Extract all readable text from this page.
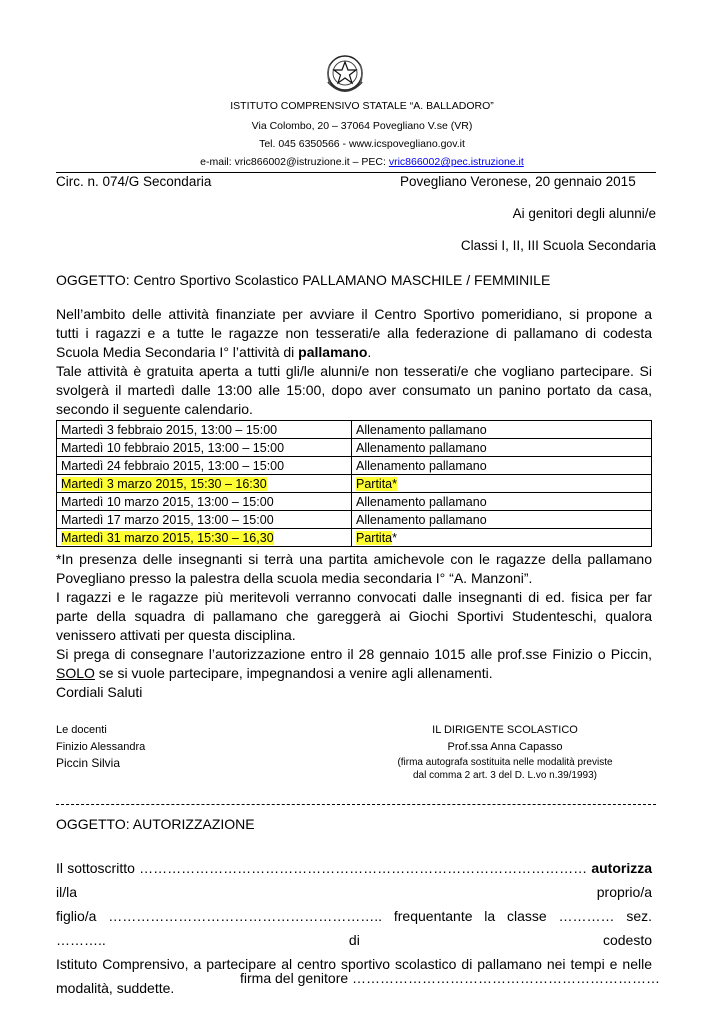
ISTITUTO COMPRENSIVO STATALE “A. BALLADORO”
Via Colombo, 20 – 37064 Povegliano V.se (VR)
Tel. 045 6350566 - www.icspovegliano.gov.it
e-mail: vric866002@istruzione.it – PEC: vric866002@pec.istruzione.it
Circ. n. 074/G Secondaria	Povegliano Veronese, 20 gennaio 2015
Ai genitori degli alunni/e
Classi I, II, III Scuola Secondaria
OGGETTO: Centro Sportivo Scolastico PALLAMANO MASCHILE / FEMMINILE
Nell’ambito delle attività finanziate per avviare il Centro Sportivo pomeridiano, si propone a
tutti i ragazzi e a tutte le ragazze non tesserati/e alla federazione di pallamano di codesta
Scuola Media Secondaria I° l’attività di pallamano.
Tale attività è gratuita aperta a tutti gli/le alunni/e non tesserati/e che vogliano partecipare. Si
svolgerà il martedì dalle 13:00 alle 15:00, dopo aver consumato un panino portato da casa,
secondo il seguente calendario.
Martedì 3 febbraio 2015, 13:00 – 15:00	Allenamento pallamano
Martedì 10 febbraio 2015, 13:00 – 15:00	Allenamento pallamano
Martedì 24 febbraio 2015, 13:00 – 15:00	Allenamento pallamano
Martedì 3 marzo 2015, 15:30 – 16:30	Partita*
Martedì 10 marzo 2015, 13:00 – 15:00	Allenamento pallamano
Martedì 17 marzo 2015, 13:00 – 15:00	Allenamento pallamano
Martedì 31 marzo 2015, 15:30 – 16,30	Partita*
*In presenza delle insegnanti si terrà una partita amichevole con le ragazze della pallamano
Povegliano presso la palestra della scuola media secondaria I° “A. Manzoni”.
I ragazzi e le ragazze più meritevoli verranno convocati dalle insegnanti di ed. fisica per far
parte della squadra di pallamano che gareggerà ai Giochi Sportivi Studenteschi, qualora
venissero attivati per questa disciplina.
Si prega di consegnare l’autorizzazione entro il 28 gennaio 1015 alle prof.sse Finizio o Piccin,
SOLO se si vuole partecipare, impegnandosi a venire agli allenamenti.
Cordiali Saluti
Le docenti
Finizio Alessandra
Piccin Silvia
IL DIRIGENTE SCOLASTICO
Prof.ssa Anna Capasso
(firma autografa sostituita nelle modalità previste
dal comma 2 art. 3 del D. L.vo n.39/1993)
OGGETTO: AUTORIZZAZIONE
Il sottoscritto …………………………………………………………………………………… autorizza il/la proprio/a
figlio/a ………………………………………………….. frequentante la classe ………… sez. ……….. di codesto
Istituto Comprensivo, a partecipare al centro sportivo scolastico di pallamano nei tempi e nelle
modalità, suddette.
firma del genitore …………………………………………………………
